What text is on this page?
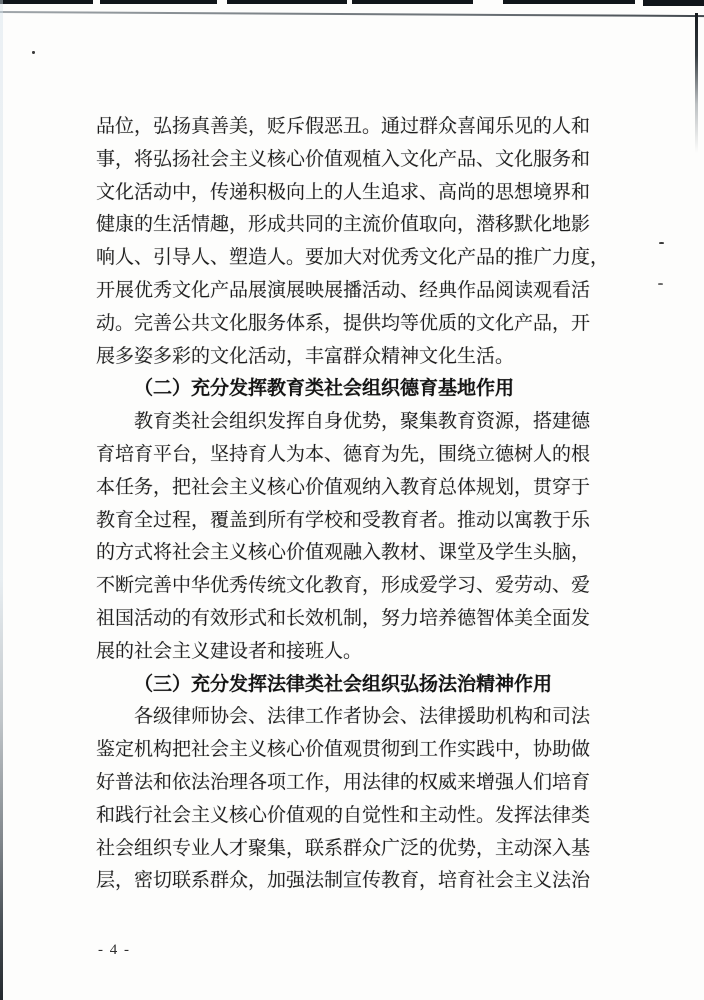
品位，弘扬真善美，贬斥假恶丑。通过群众喜闻乐见的人和
事，将弘扬社会主义核心价值观植入文化产品、文化服务和
文化活动中，传递积极向上的人生追求、高尚的思想境界和
健康的生活情趣，形成共同的主流价值取向，潜移默化地影
响人、引导人、塑造人。要加大对优秀文化产品的推广力度，
开展优秀文化产品展演展映展播活动、经典作品阅读观看活
动。完善公共文化服务体系，提供均等优质的文化产品，开
展多姿多彩的文化活动，丰富群众精神文化生活。
（二）充分发挥教育类社会组织德育基地作用
教育类社会组织发挥自身优势，聚集教育资源，搭建德
育培育平台，坚持育人为本、德育为先，围绕立德树人的根
本任务，把社会主义核心价值观纳入教育总体规划，贯穿于
教育全过程，覆盖到所有学校和受教育者。推动以寓教于乐
的方式将社会主义核心价值观融入教材、课堂及学生头脑，
不断完善中华优秀传统文化教育，形成爱学习、爱劳动、爱
祖国活动的有效形式和长效机制，努力培养德智体美全面发
展的社会主义建设者和接班人。
（三）充分发挥法律类社会组织弘扬法治精神作用
各级律师协会、法律工作者协会、法律援助机构和司法
鉴定机构把社会主义核心价值观贯彻到工作实践中，协助做
好普法和依法治理各项工作，用法律的权威来增强人们培育
和践行社会主义核心价值观的自觉性和主动性。发挥法律类
社会组织专业人才聚集，联系群众广泛的优势，主动深入基
层，密切联系群众，加强法制宣传教育，培育社会主义法治
- 4 -
